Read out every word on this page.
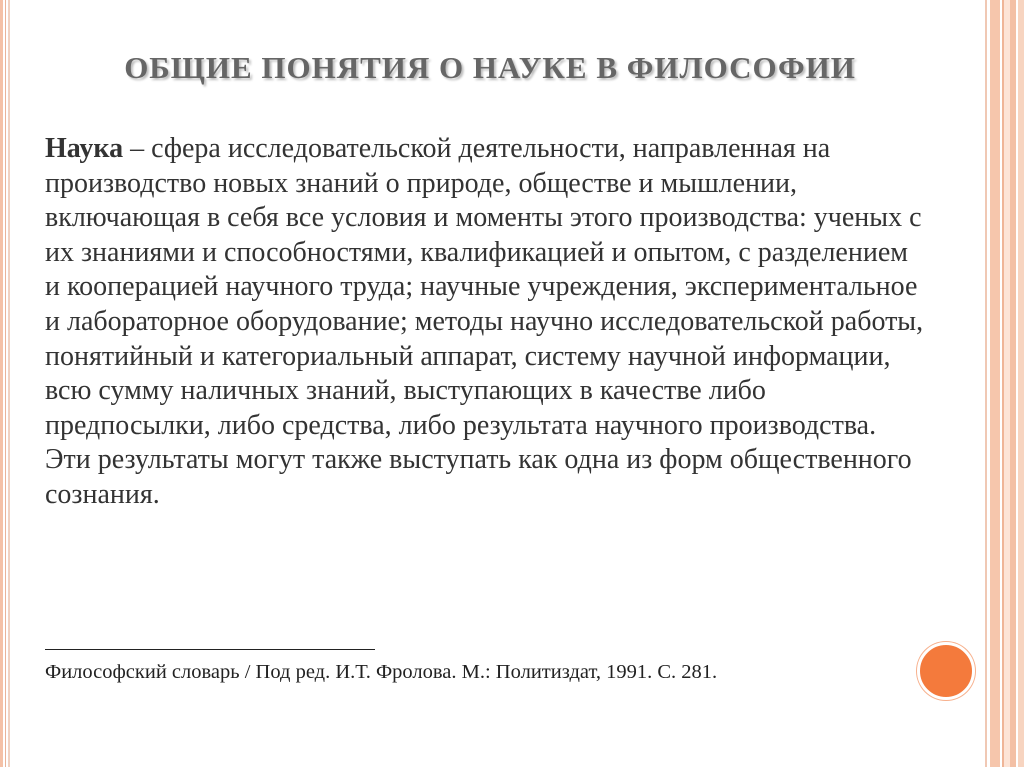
ОБЩИЕ ПОНЯТИЯ О НАУКЕ В ФИЛОСОФИИ

Наука – сфера исследовательской деятельности, направленная на производство новых знаний о природе, обществе и мышлении, включающая в себя все условия и моменты этого производства: ученых с их знаниями и способностями, квалификацией и опытом, с разделением и кооперацией научного труда; научные учреждения, экспериментальное и лабораторное оборудование; методы научно исследовательской работы, понятийный и категориальный аппарат, систему научной информации, всю сумму наличных знаний, выступающих в качестве либо предпосылки, либо средства, либо результата научного производства. Эти результаты могут также выступать как одна из форм общественного сознания.

Философский словарь / Под ред. И.Т. Фролова. М.: Политиздат, 1991. С. 281.
